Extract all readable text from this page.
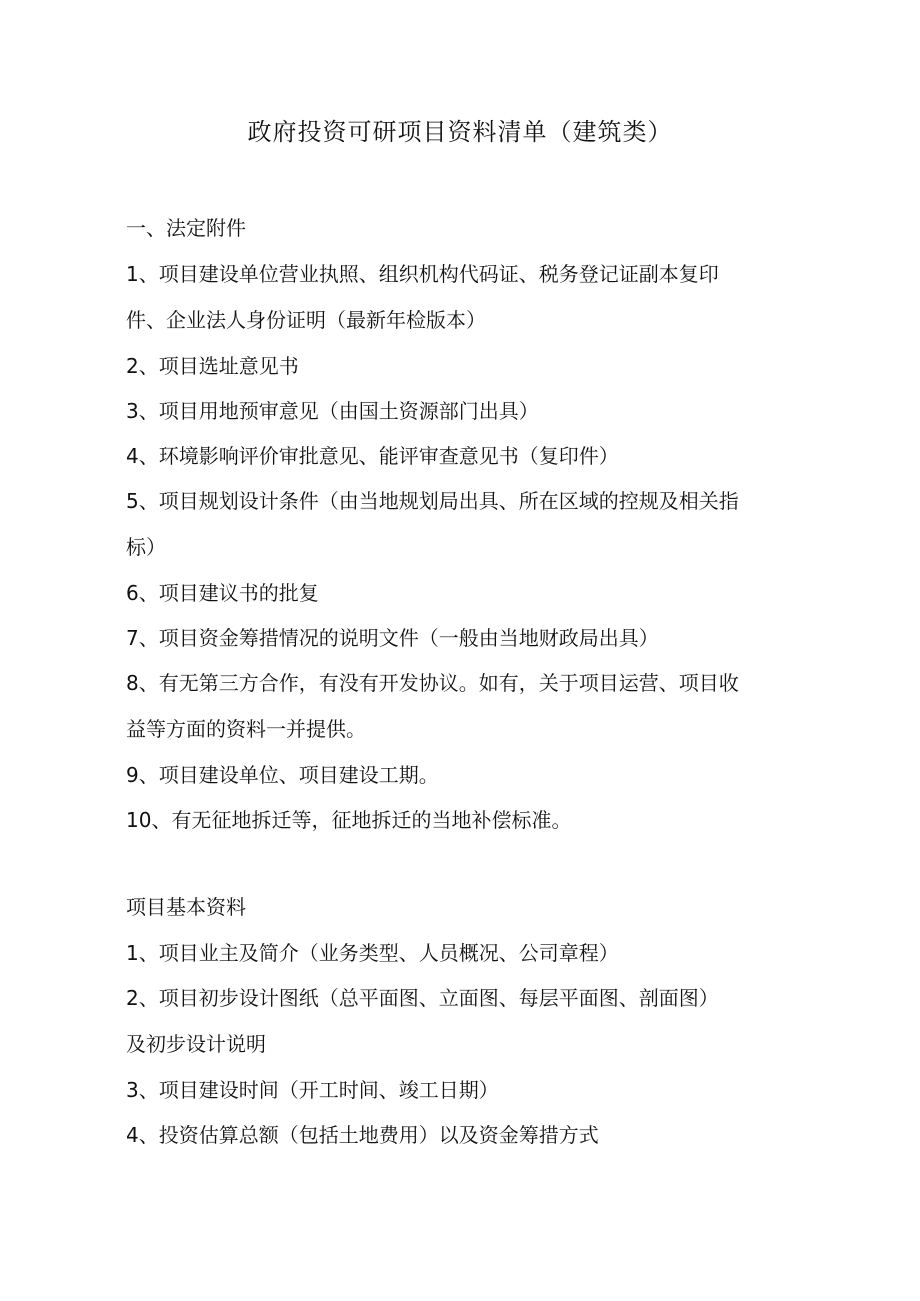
政府投资可研项目资料清单（建筑类）
一、法定附件
1、项目建设单位营业执照、组织机构代码证、税务登记证副本复印
件、企业法人身份证明（最新年检版本）
2、项目选址意见书
3、项目用地预审意见（由国土资源部门出具）
4、环境影响评价审批意见、能评审查意见书（复印件）
5、项目规划设计条件（由当地规划局出具、所在区域的控规及相关指
标）
6、项目建议书的批复
7、项目资金筹措情况的说明文件（一般由当地财政局出具）
8、有无第三方合作，有没有开发协议。如有，关于项目运营、项目收
益等方面的资料一并提供。
9、项目建设单位、项目建设工期。
10、有无征地拆迁等，征地拆迁的当地补偿标准。
项目基本资料
1、项目业主及简介（业务类型、人员概况、公司章程）
2、项目初步设计图纸（总平面图、立面图、每层平面图、剖面图）
及初步设计说明
3、项目建设时间（开工时间、竣工日期）
4、投资估算总额（包括土地费用）以及资金筹措方式
